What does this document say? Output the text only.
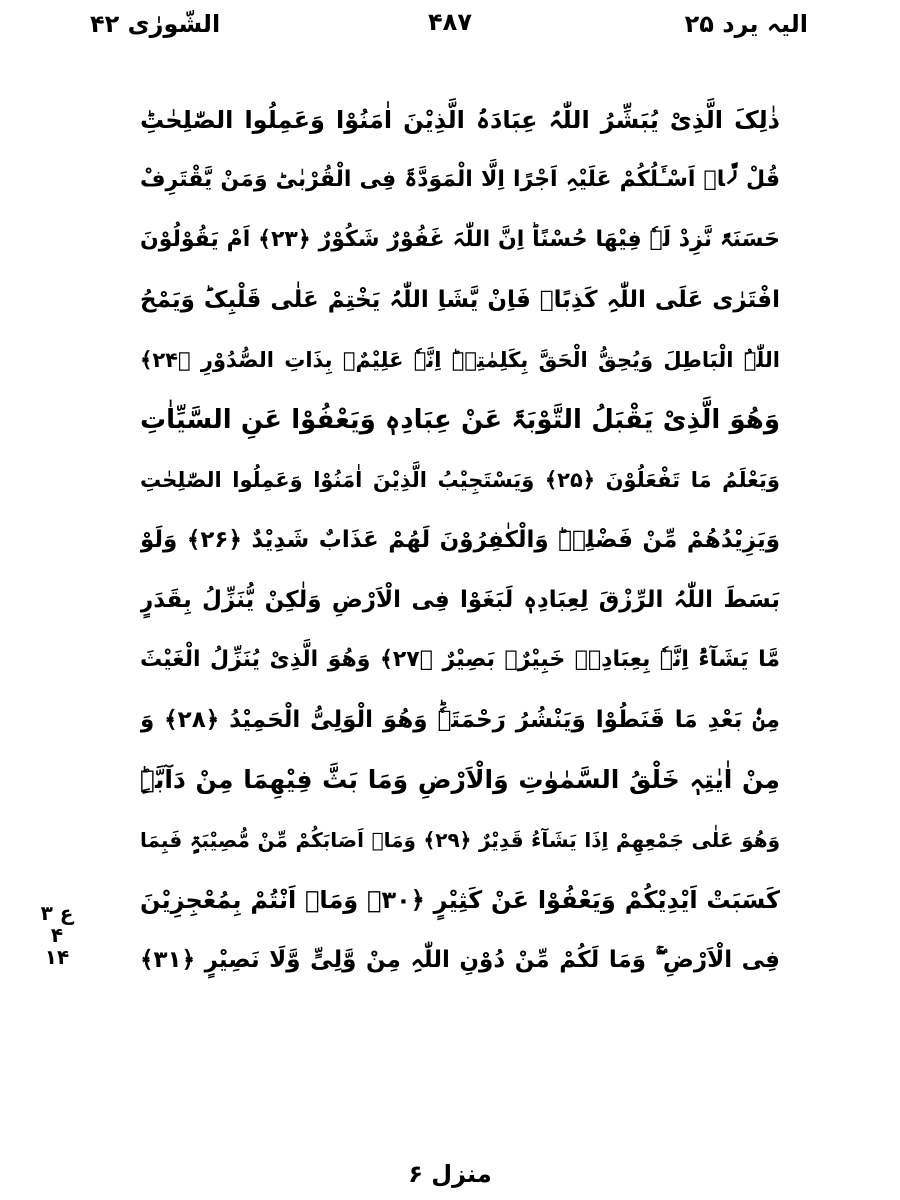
الیہ یرد ۲۵
۴۸۷
الشّورٰی ۴۲
ذٰلِکَ الَّذِیْ یُبَشِّرُ اللّٰہُ عِبَادَہُ الَّذِیْنَ اٰمَنُوْا وَعَمِلُوا الصّٰلِحٰتِؕ
قُلْ لَّاۤ اَسْـَٔلُکُمْ عَلَیْہِ اَجْرًا اِلَّا الْمَوَدَّۃَ فِی الْقُرْبٰیؕ وَمَنْ یَّقْتَرِفْ
حَسَنَۃً نَّزِدْ لَہٗ فِیْھَا حُسْنًاؕ اِنَّ اللّٰہَ غَفُوْرٌ شَکُوْرٌ ﴿۲۳﴾ اَمْ یَقُوْلُوْنَ
افْتَرٰی عَلَی اللّٰہِ کَذِبًاۚ فَاِنْ یَّشَاِ اللّٰہُ یَخْتِمْ عَلٰی قَلْبِکَؕ وَیَمْحُ
اللّٰہُ الْبَاطِلَ وَیُحِقُّ الْحَقَّ بِکَلِمٰتِہٖؕ اِنَّہٗ عَلِیْمٌۢ بِذَاتِ الصُّدُوْرِ ﴿۲۴﴾
وَھُوَ الَّذِیْ یَقْبَلُ التَّوْبَۃَ عَنْ عِبَادِہٖ وَیَعْفُوْا عَنِ السَّیِّاٰتِ
وَیَعْلَمُ مَا تَفْعَلُوْنَ ﴿۲۵﴾ وَیَسْتَجِیْبُ الَّذِیْنَ اٰمَنُوْا وَعَمِلُوا الصّٰلِحٰتِ
وَیَزِیْدُھُمْ مِّنْ فَضْلِہٖؕ وَالْکٰفِرُوْنَ لَھُمْ عَذَابٌ شَدِیْدٌ ﴿۲۶﴾ وَلَوْ
بَسَطَ اللّٰہُ الرِّزْقَ لِعِبَادِہٖ لَبَغَوْا فِی الْاَرْضِ وَلٰکِنْ یُّنَزِّلُ بِقَدَرٍ
مَّا یَشَآءُؕ اِنَّہٗ بِعِبَادِہٖ خَبِیْرٌۢ بَصِیْرٌ ﴿۲۷﴾ وَھُوَ الَّذِیْ یُنَزِّلُ الْغَیْثَ
مِنْۢ بَعْدِ مَا قَنَطُوْا وَیَنْشُرُ رَحْمَتَہٗؕ وَھُوَ الْوَلِیُّ الْحَمِیْدُ ﴿۲۸﴾ وَ
مِنْ اٰیٰتِہٖ خَلْقُ السَّمٰوٰتِ وَالْاَرْضِ وَمَا بَثَّ فِیْھِمَا مِنْ دَآبَّۃٍؕ
وَھُوَ عَلٰی جَمْعِھِمْ اِذَا یَشَآءُ قَدِیْرٌ ﴿۲۹﴾ وَمَاۤ اَصَابَکُمْ مِّنْ مُّصِیْبَۃٍ فَبِمَا
کَسَبَتْ اَیْدِیْکُمْ وَیَعْفُوْا عَنْ کَثِیْرٍ ﴿۳۰﴾ وَمَاۤ اَنْتُمْ بِمُعْجِزِیْنَ
فِی الْاَرْضِ ۚۖ وَمَا لَکُمْ مِّنْ دُوْنِ اللّٰہِ مِنْ وَّلِیٍّ وَّلَا نَصِیْرٍ ﴿۳۱﴾
ع ۳
۴
۱۴
منزل ۶
